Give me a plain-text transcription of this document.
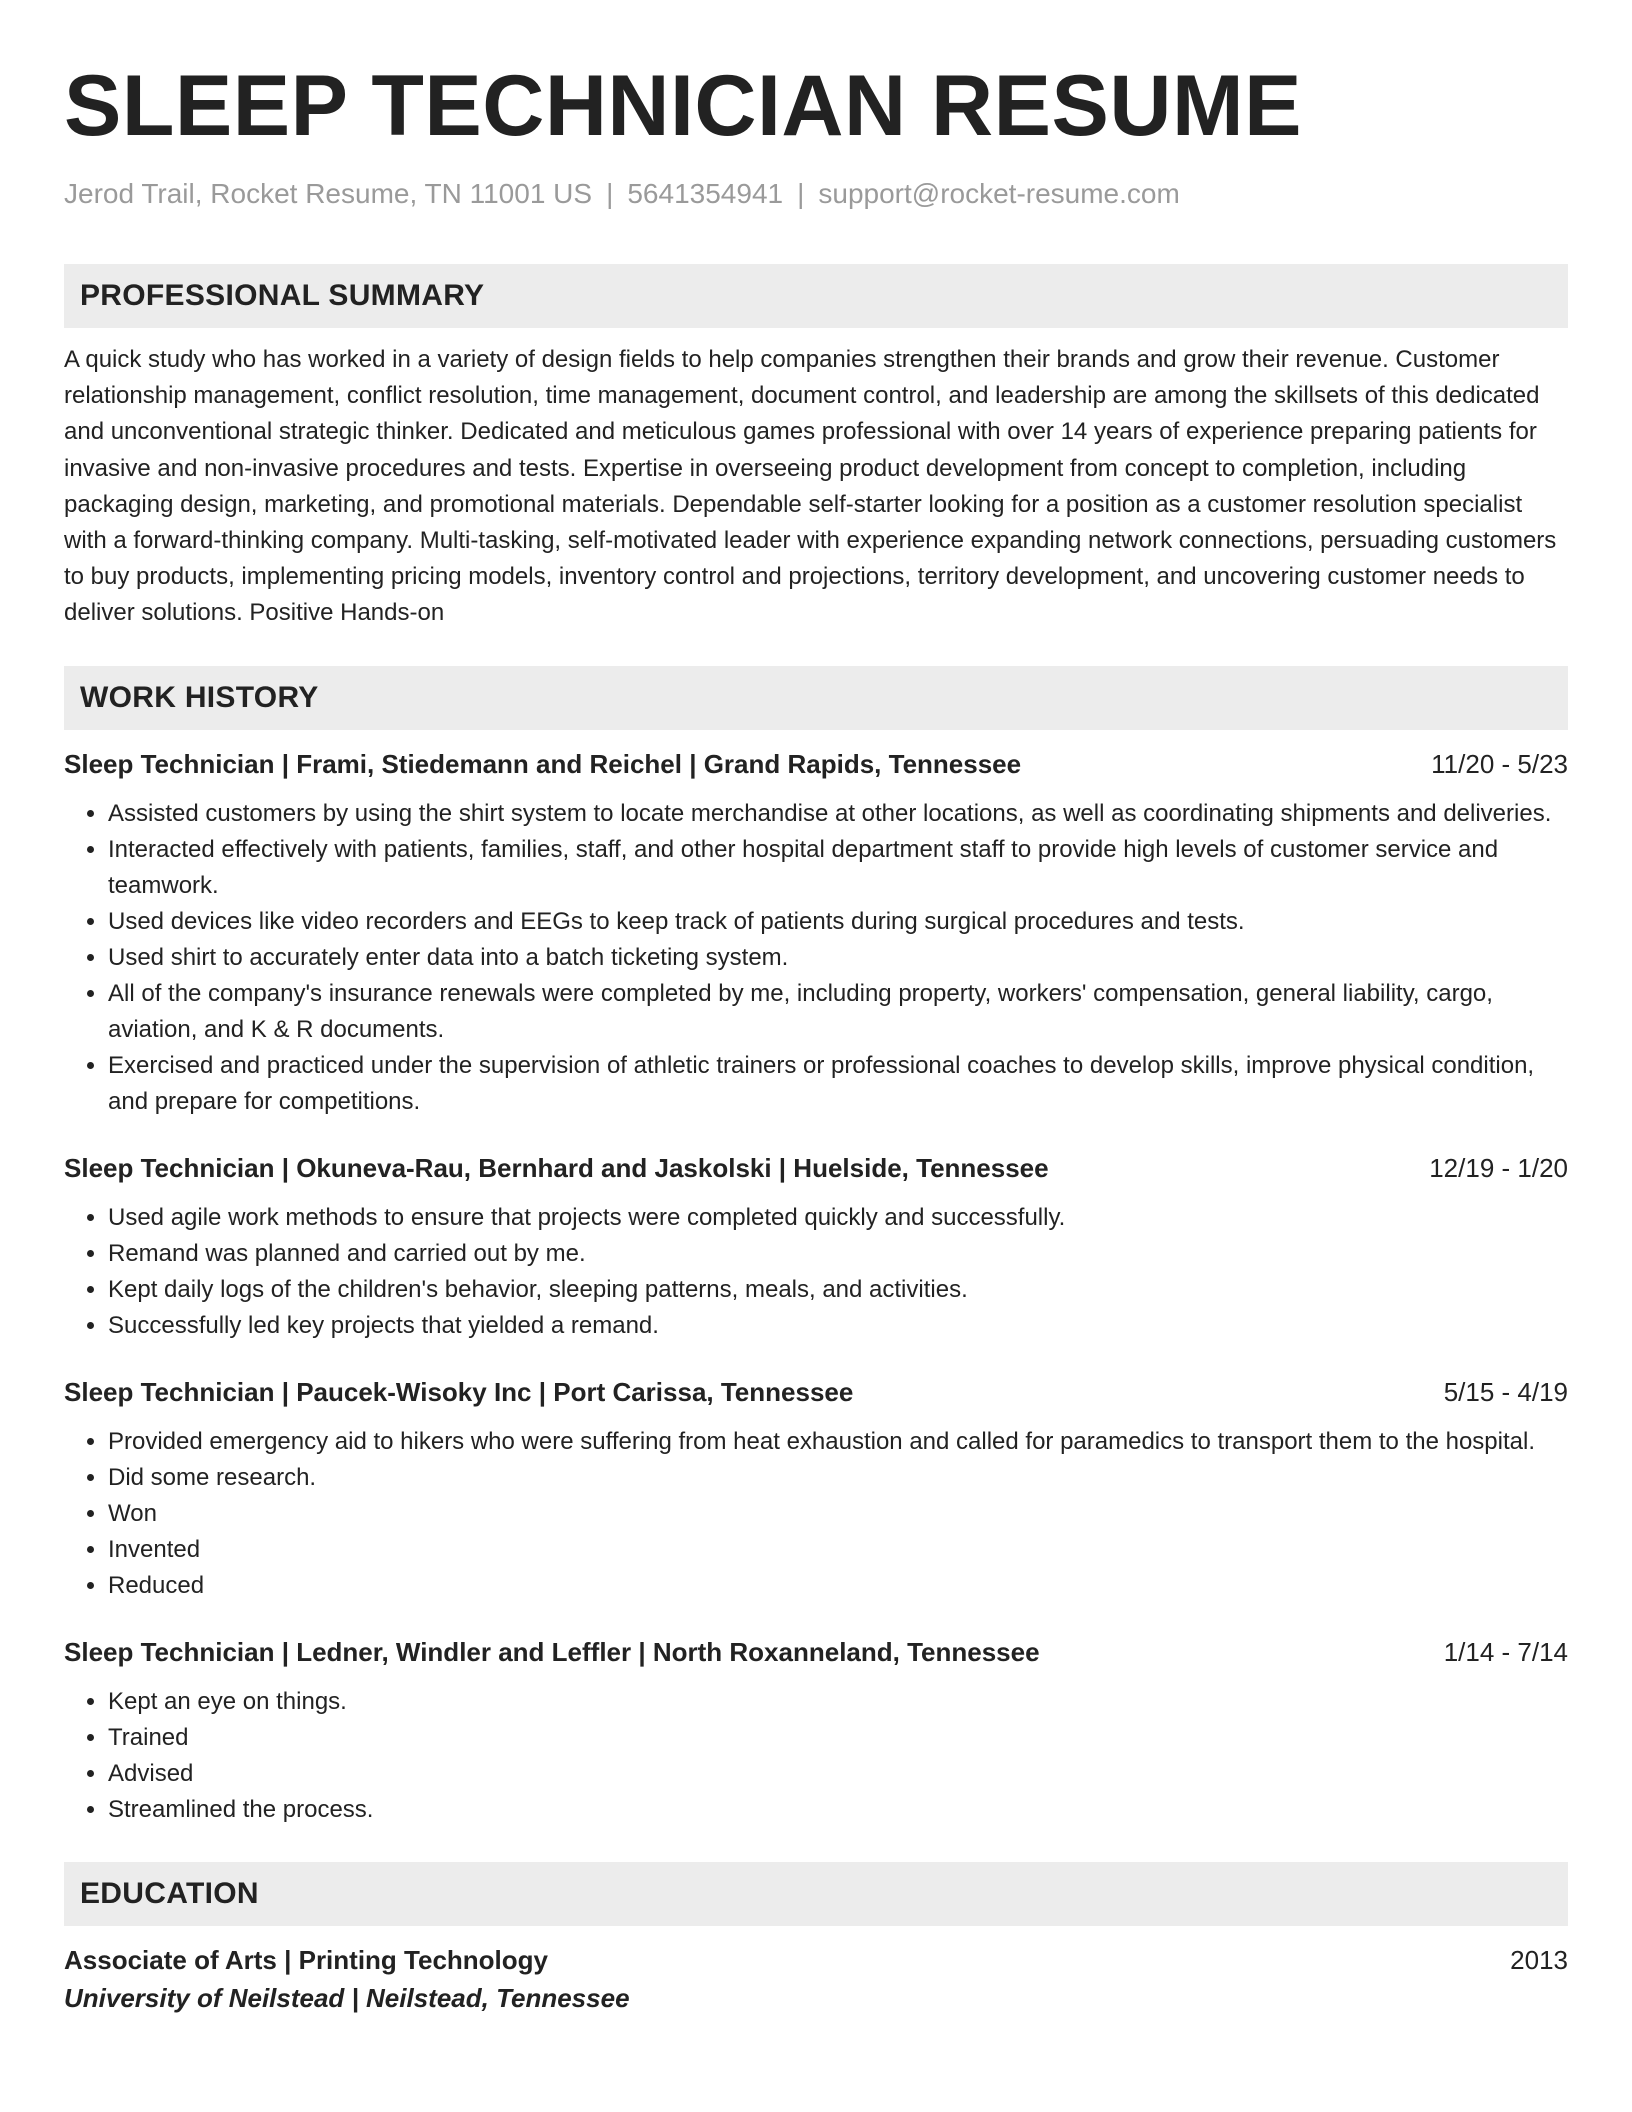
SLEEP TECHNICIAN RESUME
Jerod Trail, Rocket Resume, TN 11001 US | 5641354941 | support@rocket-resume.com
PROFESSIONAL SUMMARY
A quick study who has worked in a variety of design fields to help companies strengthen their brands and grow their revenue. Customer relationship management, conflict resolution, time management, document control, and leadership are among the skillsets of this dedicated and unconventional strategic thinker. Dedicated and meticulous games professional with over 14 years of experience preparing patients for invasive and non-invasive procedures and tests. Expertise in overseeing product development from concept to completion, including packaging design, marketing, and promotional materials. Dependable self-starter looking for a position as a customer resolution specialist with a forward-thinking company. Multi-tasking, self-motivated leader with experience expanding network connections, persuading customers to buy products, implementing pricing models, inventory control and projections, territory development, and uncovering customer needs to deliver solutions. Positive Hands-on
WORK HISTORY
Sleep Technician | Frami, Stiedemann and Reichel | Grand Rapids, Tennessee	11/20 - 5/23
• Assisted customers by using the shirt system to locate merchandise at other locations, as well as coordinating shipments and deliveries.
• Interacted effectively with patients, families, staff, and other hospital department staff to provide high levels of customer service and teamwork.
• Used devices like video recorders and EEGs to keep track of patients during surgical procedures and tests.
• Used shirt to accurately enter data into a batch ticketing system.
• All of the company's insurance renewals were completed by me, including property, workers' compensation, general liability, cargo, aviation, and K & R documents.
• Exercised and practiced under the supervision of athletic trainers or professional coaches to develop skills, improve physical condition, and prepare for competitions.
Sleep Technician | Okuneva-Rau, Bernhard and Jaskolski | Huelside, Tennessee	12/19 - 1/20
• Used agile work methods to ensure that projects were completed quickly and successfully.
• Remand was planned and carried out by me.
• Kept daily logs of the children's behavior, sleeping patterns, meals, and activities.
• Successfully led key projects that yielded a remand.
Sleep Technician | Paucek-Wisoky Inc | Port Carissa, Tennessee	5/15 - 4/19
• Provided emergency aid to hikers who were suffering from heat exhaustion and called for paramedics to transport them to the hospital.
• Did some research.
• Won
• Invented
• Reduced
Sleep Technician | Ledner, Windler and Leffler | North Roxanneland, Tennessee	1/14 - 7/14
• Kept an eye on things.
• Trained
• Advised
• Streamlined the process.
EDUCATION
Associate of Arts | Printing Technology	2013
University of Neilstead | Neilstead, Tennessee
